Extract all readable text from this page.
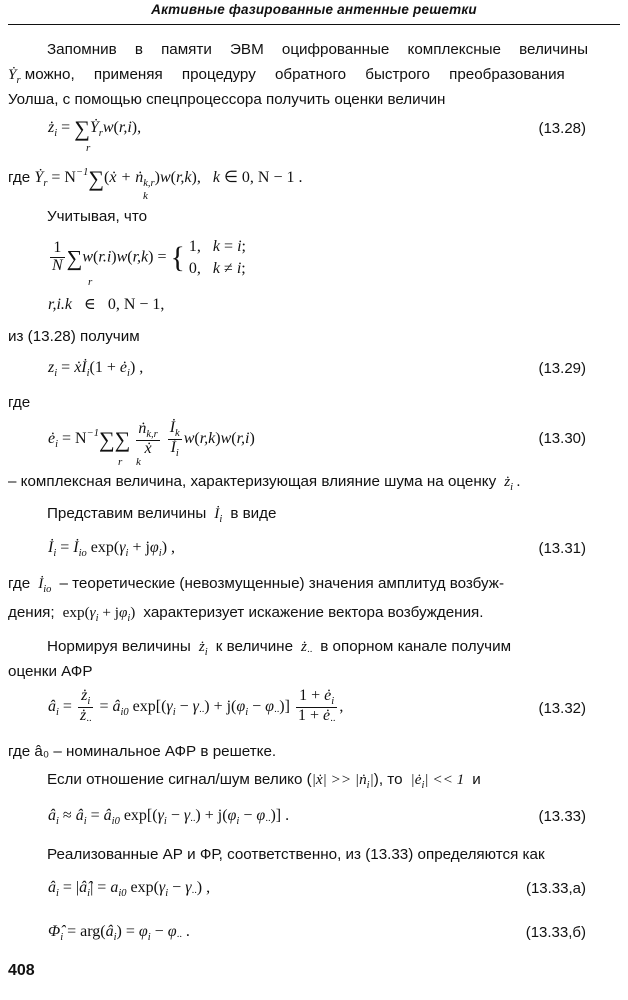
Активные фазированные антенные решетки
Запомнив в памяти ЭВМ оцифрованные комплексные величины
Ẏ$_r$ можно, применяя процедуру обратного быстрого преобразования
Уолша, с помощью спецпроцессора получить оценки величин
$ż_i$ = ∑Ẏ$_r$w(r,i),
r
(13.28)
где Ẏ$_r$ = $N^{-1}\sum(ẋ$ + ṅ$_{k,r}$)w(r,k),   k ∈ 0, N − 1 .
k
Учитывая, что
$\frac{1}{N} \sum w(r.i)w(r,k)$ = { 1,   k = i;
0,   k ≠ i;
r
r,i.k   ∈   0, N − 1,
из (13.28) получим
$z_i$ = ẋİ$_i$(1 + $ė_i$) ,	(13.29)
где
$ė_i = N^{-1}\sum\sum \frac{ṅ_{k,r}}{\text{ẋ}}$
$\frac{İ_k}{İ_i} w(r,k)w(r,i)$
r     k
(13.30)
– комплексная величина, характеризующая влияние шума на оценку  $ż_i$ .
Представим величины  $İ_i$ в виде
$İ_i$ = $İ_{io}$ $\exp(\gamma_i + j\varphi_i)$ ,	(13.31)
где  $İ_{io}$ – теоретические (невозмущенные) значения амплитуд возбуж-
дения; $\exp(\gamma_i + j\varphi_i)$ характеризует искажение вектора возбуждения.
Нормируя величины  $ż_i$ к величине  $ż_{\cdot\cdot}$ в опорном канале получим
оценки АФР
$â_i = \frac{ż_i}{ż_{\cdot\cdot}}$ = $â_{i0}$ $\exp[(\gamma_i - \gamma_{\cdot\cdot}) + j(\varphi_i - \varphi_{\cdot\cdot})] \frac{1 + ė_i}{1 + ė_{\cdot\cdot}}$ ,	(13.32)
где â₀ – номинальное АФР в решетке.
Если отношение сигнал/шум велико (|ẋ| >> |ṅ$_i$|), то  $|ė_i| << 1$  и
$â_i$ ≈ $â_i$ = $â_{i0}$ $\exp[(\gamma_i - \gamma_{\cdot\cdot}) + j(\varphi_i - \varphi_{\cdot\cdot})]$ .	(13.33)
Реализованные АР и ФР, соответственно, из (13.33) определяются как
$â_i$ = $|â̂_i| = a_{i0}$ $\exp(\gamma_i - \gamma_{\cdot\cdot})$ ,	(13.33,а)
$\Phî_i$ = $arg(â_i) = \varphi_i - \varphi_{\cdot\cdot}$ .	(13.33,б)
408
